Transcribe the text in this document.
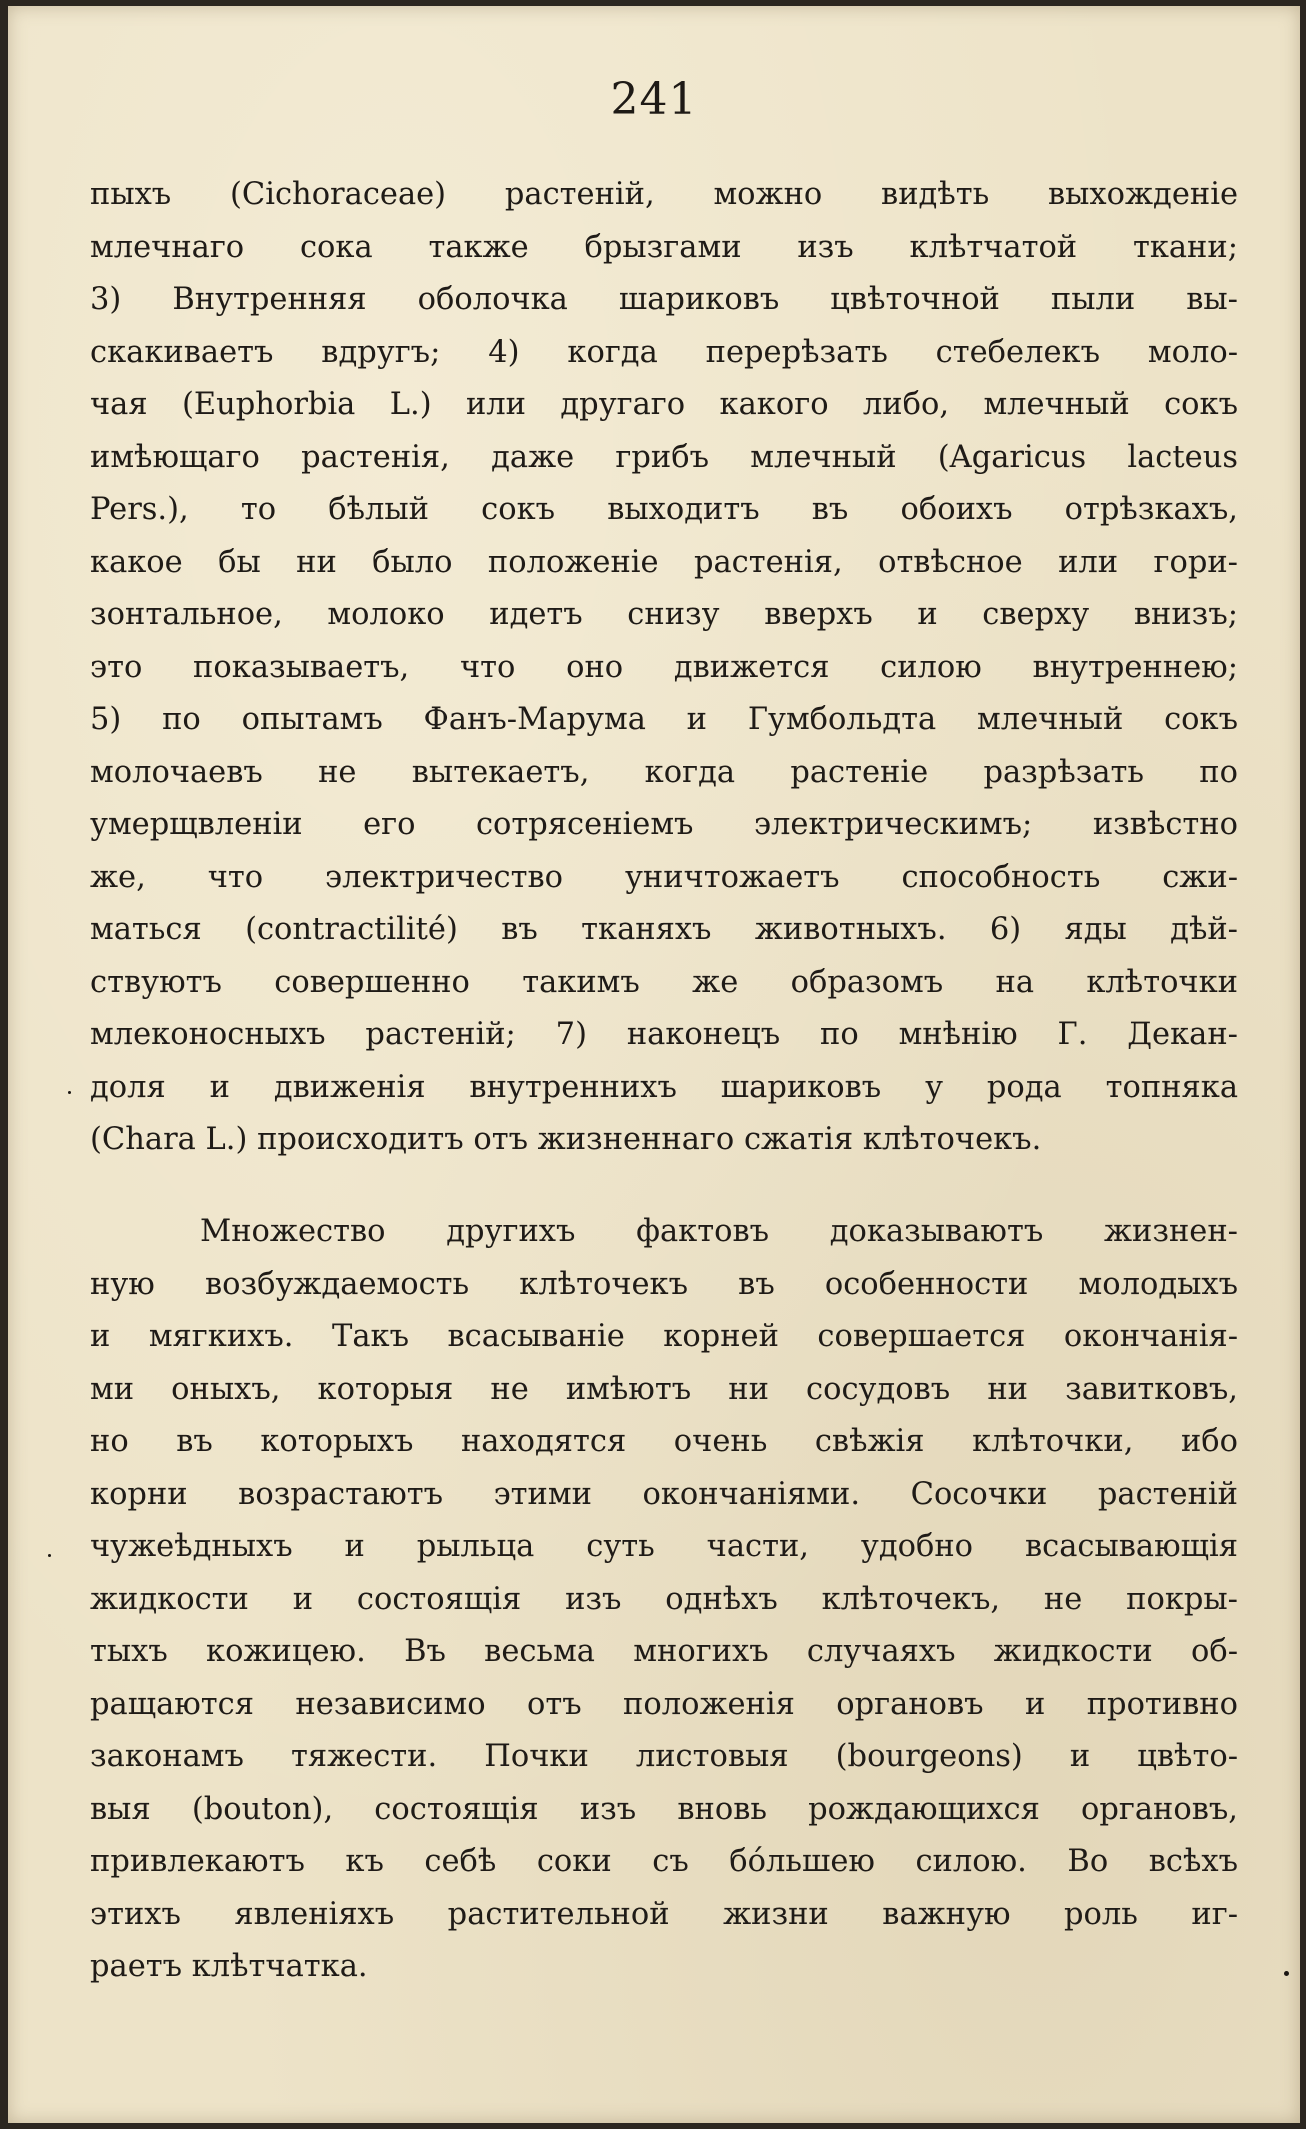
241
пыхъ (Cichoraceae) растеній, можно видѣть выхожденіе
млечнаго сока также брызгами изъ клѣтчатой ткани;
3) Внутренняя оболочка шариковъ цвѣточной пыли вы-
скакиваетъ вдругъ; 4) когда перерѣзать стебелекъ моло-
чая (Euphorbia L.) или другаго какого либо, млечный сокъ
имѣющаго растенія, даже грибъ млечный (Agaricus lacteus
Pers.), то бѣлый сокъ выходитъ въ обоихъ отрѣзкахъ,
какое бы ни было положеніе растенія, отвѣсное или гори-
зонтальное, молоко идетъ снизу вверхъ и сверху внизъ;
это показываетъ, что оно движется силою внутреннею;
5) по опытамъ Фанъ-Марума и Гумбольдта млечный сокъ
молочаевъ не вытекаетъ, когда растеніе разрѣзать по
умерщвленіи его сотрясеніемъ электрическимъ; извѣстно
же, что электричество уничтожаетъ способность сжи-
маться (contractilité) въ тканяхъ животныхъ. 6) яды дѣй-
ствуютъ совершенно такимъ же образомъ на клѣточки
млеконосныхъ растеній; 7) наконецъ по мнѣнію Г. Декан-
доля и движенія внутреннихъ шариковъ у рода топняка
(Chara L.) происходитъ отъ жизненнаго сжатія клѣточекъ.
Множество другихъ фактовъ доказываютъ жизнен-
ную возбуждаемость клѣточекъ въ особенности молодыхъ
и мягкихъ. Такъ всасываніе корней совершается окончанія-
ми оныхъ, которыя не имѣютъ ни сосудовъ ни завитковъ,
но въ которыхъ находятся очень свѣжія клѣточки, ибо
корни возрастаютъ этими окончаніями. Сосочки растеній
чужеѣдныхъ и рыльца суть части, удобно всасывающія
жидкости и состоящія изъ однѣхъ клѣточекъ, не покры-
тыхъ кожицею. Въ весьма многихъ случаяхъ жидкости об-
ращаются независимо отъ положенія органовъ и противно
законамъ тяжести. Почки листовыя (bourgeons) и цвѣто-
выя (bouton), состоящія изъ вновь рождающихся органовъ,
привлекаютъ къ себѣ соки съ бо́льшею силою. Во всѣхъ
этихъ явленіяхъ растительной жизни важную роль иг-
раетъ клѣтчатка.
